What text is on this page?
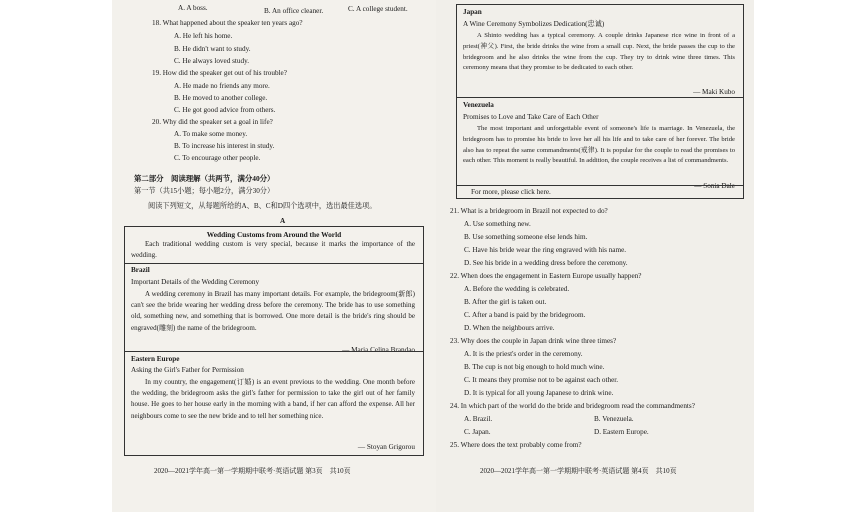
A. A boss.	B. An office cleaner.	C. A college student.
18. What happened about the speaker ten years ago?
A. He left his home.
B. He didn't want to study.
C. He always loved study.
19. How did the speaker get out of his trouble?
A. He made no friends any more.
B. He moved to another college.
C. He got good advice from others.
20. Why did the speaker set a goal in life?
A. To make some money.
B. To increase his interest in study.
C. To encourage other people.
第二部分　阅读理解（共两节，满分40分）
第一节（共15小题；每小题2分，满分30分）
阅读下列短文，从每题所给的A、B、C和D四个选项中，选出最佳选项。
A
Wedding Customs from Around the World
Each traditional wedding custom is very special, because it marks the importance of the wedding.
Brazil
Important Details of the Wedding Ceremony
A wedding ceremony in Brazil has many important details. For example, the bridegroom(新郎) can't see the bride wearing her wedding dress before the ceremony. The bride has to use something old, something new, and something that is borrowed. One more detail is the bride's ring should be engraved(雕刻) the name of the bridegroom.
— Maria Celina Brandao
Eastern Europe
Asking the Girl's Father for Permission
In my country, the engagement(订婚) is an event previous to the wedding. One month before the wedding, the bridegroom asks the girl's father for permission to take the girl out of her family house. He goes to her house early in the morning with a band, if her can afford the expense. All her neighbours come to see the new bride and to tell her something nice.
— Stoyan Grigorou
2020—2021学年高一第一学期期中联考·英语试题 第3页　共10页
Japan
A Wine Ceremony Symbolizes Dedication(忠诚)
A Shinto wedding has a typical ceremony. A couple drinks Japanese rice wine in front of a priest(神父). First, the bride drinks the wine from a small cup. Next, the bride passes the cup to the bridegroom and he also drinks the wine from the cup. They try to drink wine three times. This ceremony means that they promise to be dedicated to each other.
— Maki Kubo
Venezuela
Promises to Love and Take Care of Each Other
The most important and unforgettable event of someone's life is marriage. In Venezuela, the bridegroom has to promise his bride to love her all his life and to take care of her forever. The bride also has to repeat the same commandments(戒律). It is popular for the couple to read the promises to each other. This moment is really beautiful. In addition, the couple receives a list of commandments.
— Sonia Dale
For more, please click here.
21. What is a bridegroom in Brazil not expected to do?
A. Use something new.
B. Use something someone else lends him.
C. Have his bride wear the ring engraved with his name.
D. See his bride in a wedding dress before the ceremony.
22. When does the engagement in Eastern Europe usually happen?
A. Before the wedding is celebrated.
B. After the girl is taken out.
C. After a band is paid by the bridegroom.
D. When the neighbours arrive.
23. Why does the couple in Japan drink wine three times?
A. It is the priest's order in the ceremony.
B. The cup is not big enough to hold much wine.
C. It means they promise not to be against each other.
D. It is typical for all young Japanese to drink wine.
24. In which part of the world do the bride and bridegroom read the commandments?
A. Brazil.	B. Venezuela.
C. Japan.	D. Eastern Europe.
25. Where does the text probably come from?
2020—2021学年高一第一学期期中联考·英语试题 第4页　共10页
